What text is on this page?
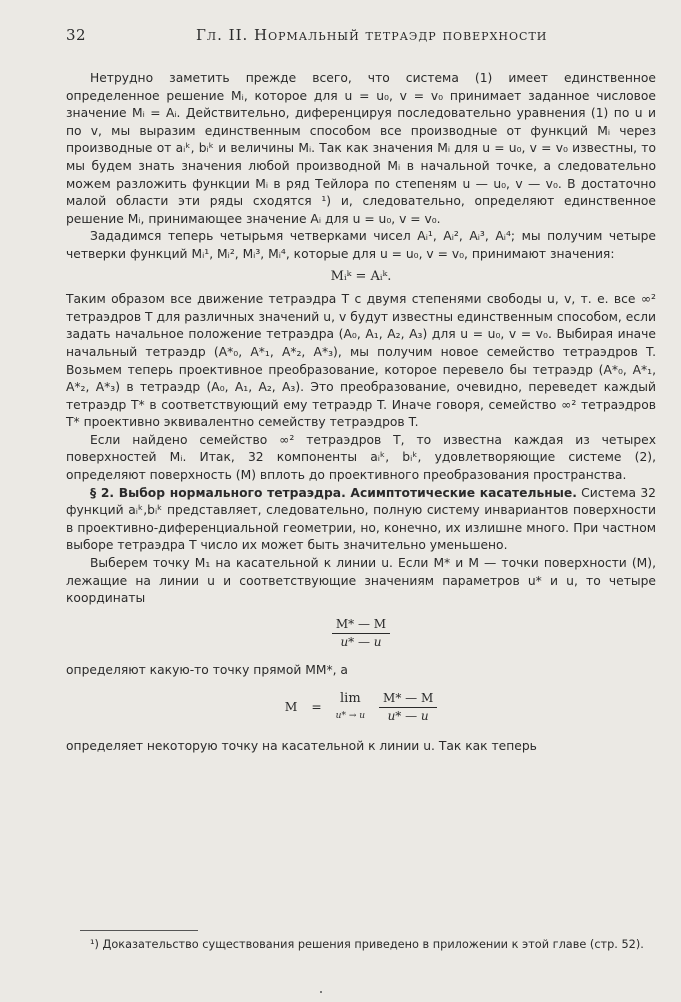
32	Гл. II. Нормальный тетраэдр поверхности

Нетрудно заметить прежде всего, что система (1) имеет единственное определенное решение Mᵢ, которое для u = u₀, v = v₀ принимает заданное числовое значение Mᵢ = Aᵢ. Действительно, диференцируя последовательно уравнения (1) по u и по v, мы выразим единственным способом все производные от функций Mᵢ через производные от aᵢᵏ, bᵢᵏ и величины Mᵢ. Так как значения Mᵢ для u = u₀, v = v₀ известны, то мы будем знать значения любой производной Mᵢ в начальной точке, а следовательно можем разложить функции Mᵢ в ряд Тейлора по степеням u — u₀, v — v₀. В достаточно малой области эти ряды сходятся ¹) и, следовательно, определяют единственное решение Mᵢ, принимающее значение Aᵢ для u = u₀, v = v₀.

Зададимся теперь четырьмя четверками чисел Aᵢ¹, Aᵢ², Aᵢ³, Aᵢ⁴; мы получим четыре четверки функций Mᵢ¹, Mᵢ², Mᵢ³, Mᵢ⁴, которые для u = u₀, v = v₀, принимают значения:

Mᵢᵏ = Aᵢᵏ.

Таким образом все движение тетраэдра T с двумя степенями свободы u, v, т. е. все ∞² тетраэдров T для различных значений u, v будут известны единственным способом, если задать начальное положение тетраэдра (A₀, A₁, A₂, A₃) для u = u₀, v = v₀. Выбирая иначе начальный тетраэдр (A*₀, A*₁, A*₂, A*₃), мы получим новое семейство тетраэдров T. Возьмем теперь проективное преобразование, которое перевело бы тетраэдр (A*₀, A*₁, A*₂, A*₃) в тетраэдр (A₀, A₁, A₂, A₃). Это преобразование, очевидно, переведет каждый тетраэдр T* в соответствующий ему тетраэдр T. Иначе говоря, семейство ∞² тетраэдров T* проективно эквивалентно семейству тетраэдров T.

Если найдено семейство ∞² тетраэдров T, то известна каждая из четырех поверхностей Mᵢ. Итак, 32 компоненты aᵢᵏ, bᵢᵏ, удовлетворяющие системе (2), определяют поверхность (M) вплоть до проективного преобразования пространства.

§ 2. Выбор нормального тетраэдра. Асимптотические касательные. Система 32 функций aᵢᵏ,bᵢᵏ представляет, следовательно, полную систему инвариантов поверхности в проективно-диференциальной геометрии, но, конечно, их излишне много. При частном выборе тетраэдра T число их может быть значительно уменьшено.

Выберем точку M₁ на касательной к линии u. Если M* и M — точки поверхности (M), лежащие на линии u и соответствующие значениям параметров u* и u, то четыре координаты

$\frac{M* — M}{u* — u}$

определяют какую-то точку прямой MM*, а

M =
lim
u* → u $\frac{M* — M}{u* — u}$

определяет некоторую точку на касательной к линии u. Так как теперь

¹) Доказательство существования решения приведено в приложении к этой главе (стр. 52).
